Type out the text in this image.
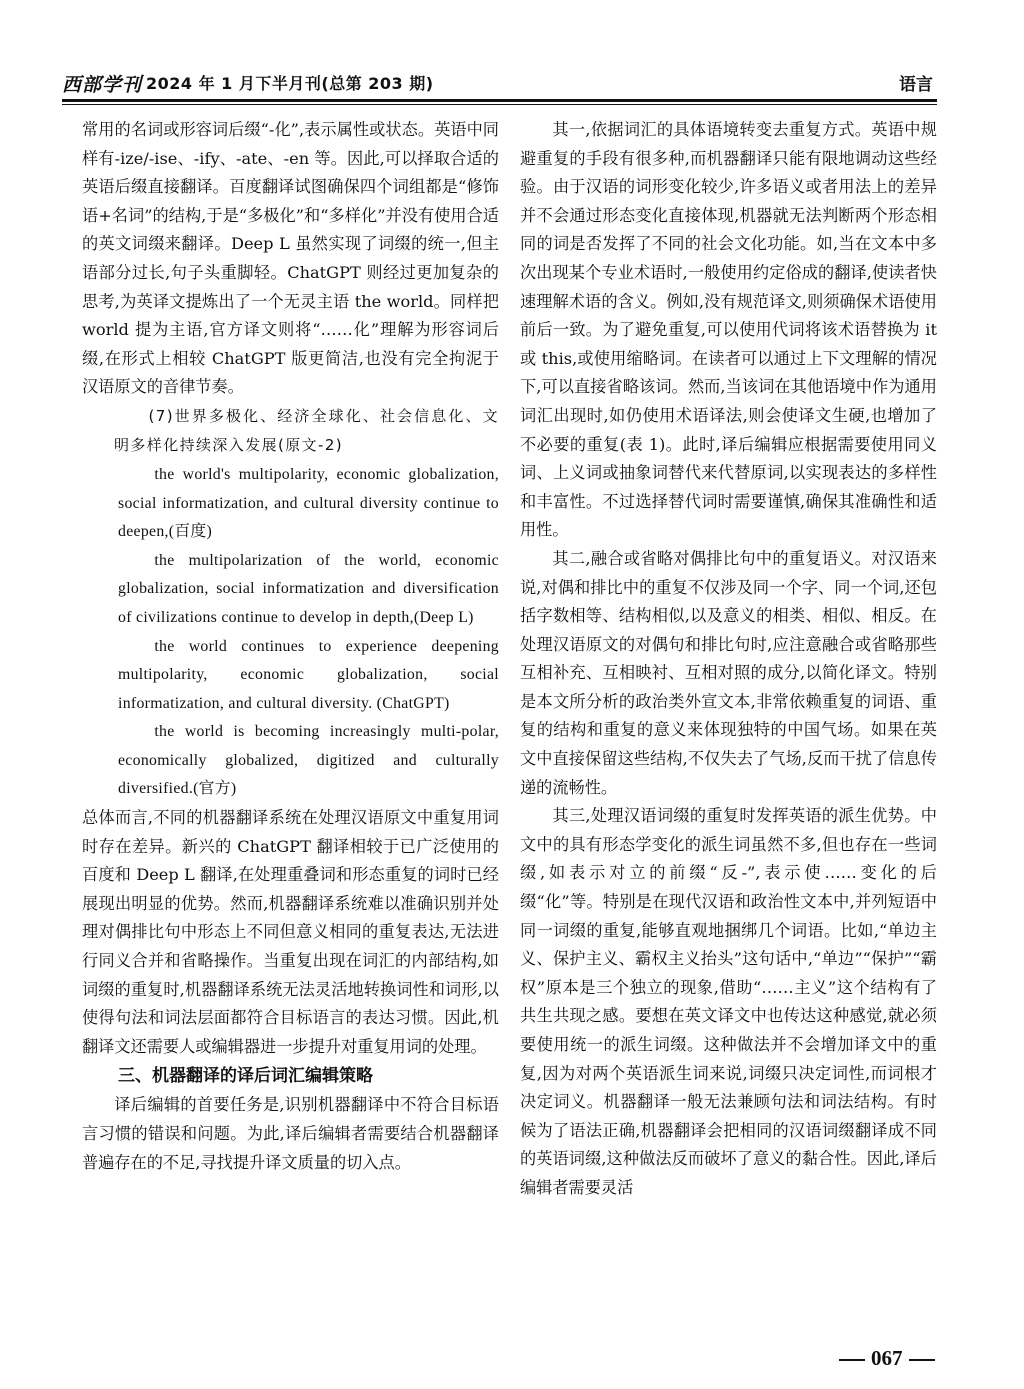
西部学刊 2024 年 1 月下半月刊(总第 203 期)	语言

常用的名词或形容词后缀“-化”,表示属性或状态。英语中同样有-ize/-ise、-ify、-ate、-en 等。因此,可以择取合适的英语后缀直接翻译。百度翻译试图确保四个词组都是“修饰语+名词”的结构,于是“多极化”和“多样化”并没有使用合适的英文词缀来翻译。Deep L 虽然实现了词缀的统一,但主语部分过长,句子头重脚轻。ChatGPT 则经过更加复杂的思考,为英译文提炼出了一个无灵主语 the world。同样把 world 提为主语,官方译文则将“……化”理解为形容词后缀,在形式上相较 ChatGPT 版更简洁,也没有完全拘泥于汉语原文的音律节奏。

(7)世界多极化、经济全球化、社会信息化、文明多样化持续深入发展(原文-2)

the world's multipolarity, economic globalization, social informatization, and cultural diversity continue to deepen,(百度)

the multipolarization of the world, economic globalization, social informatization and diversification of civilizations continue to develop in depth,(Deep L)

the world continues to experience deepening multipolarity, economic globalization, social informatization, and cultural diversity. (ChatGPT)

the world is becoming increasingly multi-polar, economically globalized, digitized and culturally diversified.(官方)

总体而言,不同的机器翻译系统在处理汉语原文中重复用词时存在差异。新兴的 ChatGPT 翻译相较于已广泛使用的百度和 Deep L 翻译,在处理重叠词和形态重复的词时已经展现出明显的优势。然而,机器翻译系统难以准确识别并处理对偶排比句中形态上不同但意义相同的重复表达,无法进行同义合并和省略操作。当重复出现在词汇的内部结构,如词缀的重复时,机器翻译系统无法灵活地转换词性和词形,以使得句法和词法层面都符合目标语言的表达习惯。因此,机翻译文还需要人或编辑器进一步提升对重复用词的处理。

三、机器翻译的译后词汇编辑策略

译后编辑的首要任务是,识别机器翻译中不符合目标语言习惯的错误和问题。为此,译后编辑者需要结合机器翻译普遍存在的不足,寻找提升译文质量的切入点。

其一,依据词汇的具体语境转变去重复方式。英语中规避重复的手段有很多种,而机器翻译只能有限地调动这些经验。由于汉语的词形变化较少,许多语义或者用法上的差异并不会通过形态变化直接体现,机器就无法判断两个形态相同的词是否发挥了不同的社会文化功能。如,当在文本中多次出现某个专业术语时,一般使用约定俗成的翻译,使读者快速理解术语的含义。例如,没有规范译文,则须确保术语使用前后一致。为了避免重复,可以使用代词将该术语替换为 it 或 this,或使用缩略词。在读者可以通过上下文理解的情况下,可以直接省略该词。然而,当该词在其他语境中作为通用词汇出现时,如仍使用术语译法,则会使译文生硬,也增加了不必要的重复(表 1)。此时,译后编辑应根据需要使用同义词、上义词或抽象词替代来代替原词,以实现表达的多样性和丰富性。不过选择替代词时需要谨慎,确保其准确性和适用性。

其二,融合或省略对偶排比句中的重复语义。对汉语来说,对偶和排比中的重复不仅涉及同一个字、同一个词,还包括字数相等、结构相似,以及意义的相类、相似、相反。在处理汉语原文的对偶句和排比句时,应注意融合或省略那些互相补充、互相映衬、互相对照的成分,以简化译文。特别是本文所分析的政治类外宣文本,非常依赖重复的词语、重复的结构和重复的意义来体现独特的中国气场。如果在英文中直接保留这些结构,不仅失去了气场,反而干扰了信息传递的流畅性。

其三,处理汉语词缀的重复时发挥英语的派生优势。中文中的具有形态学变化的派生词虽然不多,但也存在一些词缀,如表示对立的前缀“反-”,表示使……变化的后缀“化”等。特别是在现代汉语和政治性文本中,并列短语中同一词缀的重复,能够直观地捆绑几个词语。比如,“单边主义、保护主义、霸权主义抬头”这句话中,“单边”“保护”“霸权”原本是三个独立的现象,借助“……主义”这个结构有了共生共现之感。要想在英文译文中也传达这种感觉,就必须要使用统一的派生词缀。这种做法并不会增加译文中的重复,因为对两个英语派生词来说,词缀只决定词性,而词根才决定词义。机器翻译一般无法兼顾句法和词法结构。有时候为了语法正确,机器翻译会把相同的汉语词缀翻译成不同的英语词缀,这种做法反而破坏了意义的黏合性。因此,译后编辑者需要灵活

067
